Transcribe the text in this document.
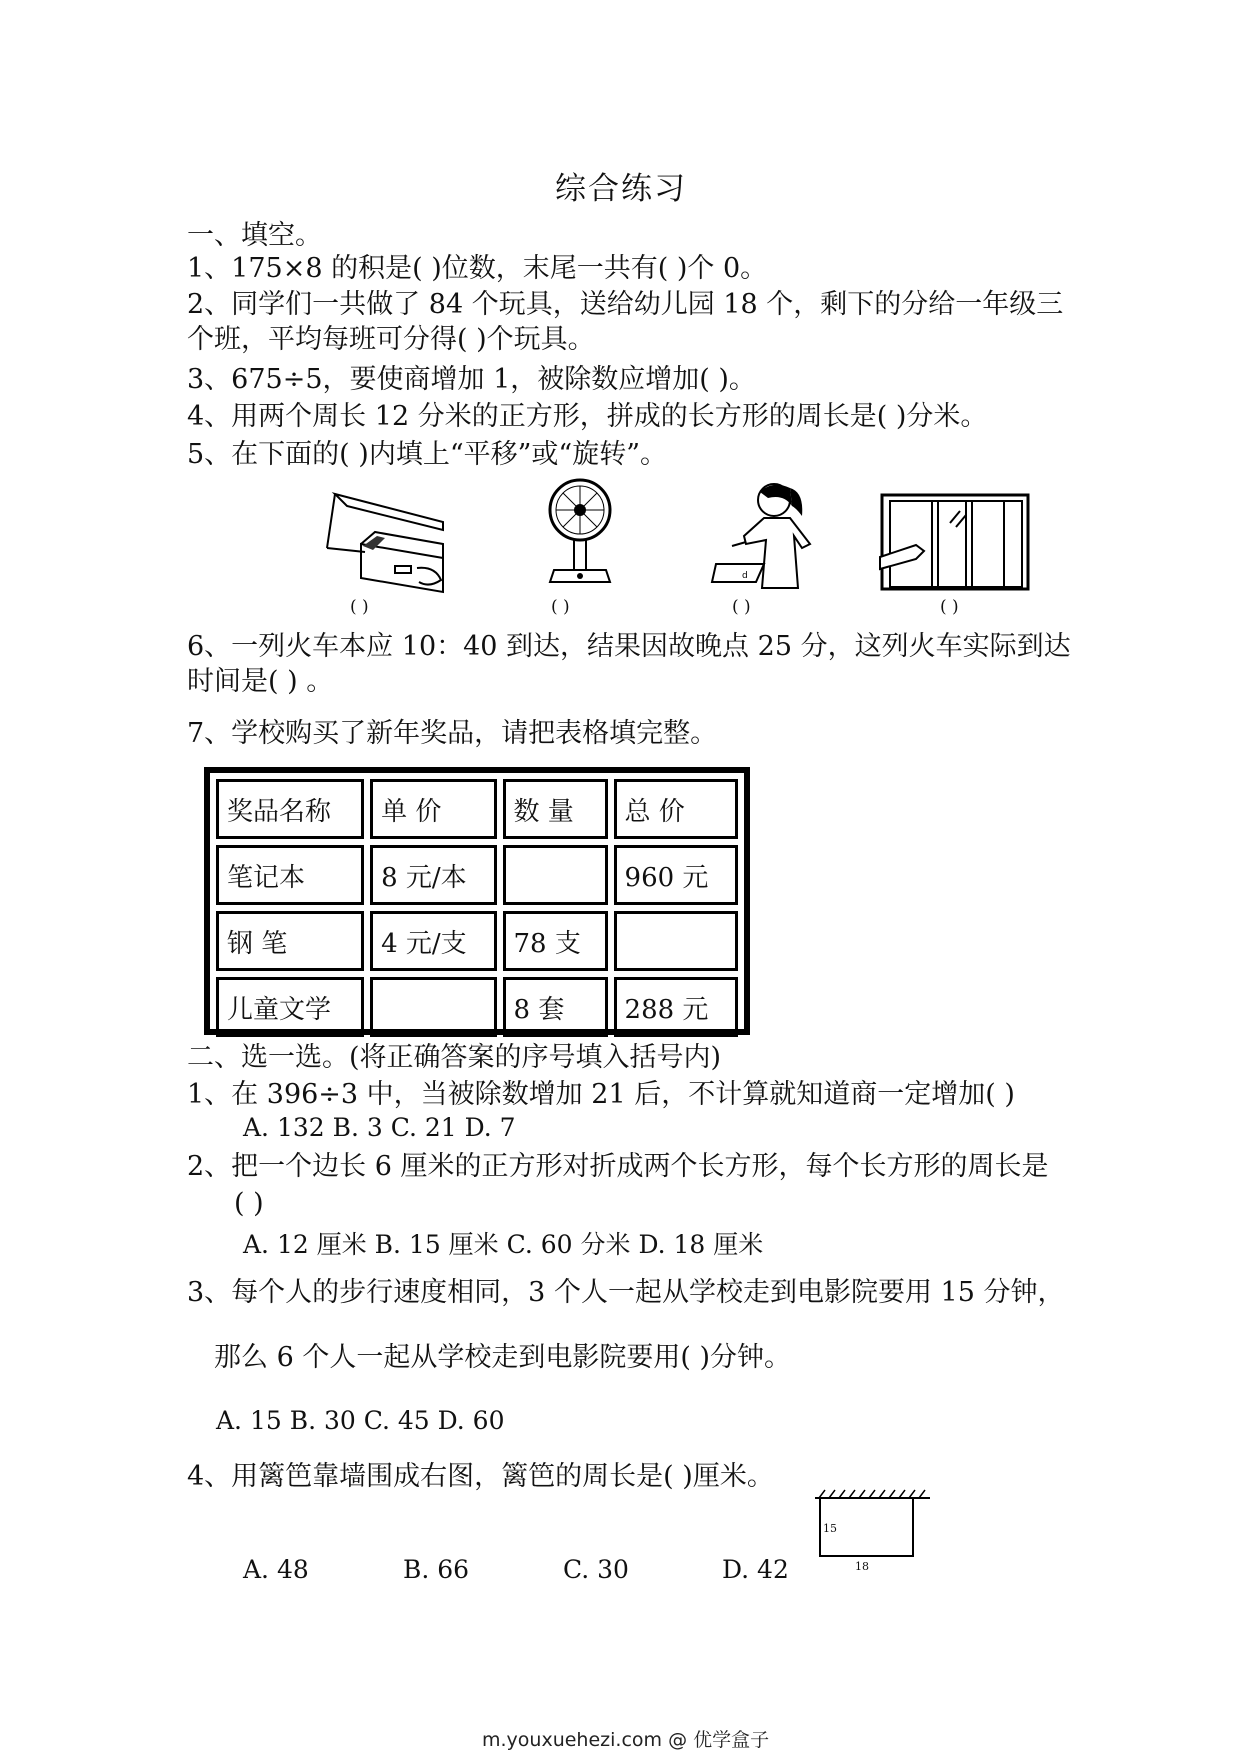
综合练习
一、填空。
1、175×8 的积是( )位数，末尾一共有( )个 0。
2、同学们一共做了 84 个玩具，送给幼儿园 18 个，剩下的分给一年级三
个班，平均每班可分得( )个玩具。
3、675÷5，要使商增加 1，被除数应增加( )。
4、用两个周长 12 分米的正方形，拼成的长方形的周长是( )分米。
5、在下面的( )内填上“平移”或“旋转”。
d
( )	( )	( )	( )
6、一列火车本应 10：40 到达，结果因故晚点 25 分，这列火车实际到达
时间是( ) 。
7、学校购买了新年奖品，请把表格填完整。
奖品名称	单 价	数 量	总 价
笔记本	8 元/本		960 元
钢 笔	4 元/支	78 支	
儿童文学		8 套	288 元
二、选一选。(将正确答案的序号填入括号内)
1、在 396÷3 中，当被除数增加 21 后，不计算就知道商一定增加( )
A. 132 B. 3 C. 21 D. 7
2、把一个边长 6 厘米的正方形对折成两个长方形，每个长方形的周长是
( )
A. 12 厘米 B. 15 厘米 C. 60 分米 D. 18 厘米
3、每个人的步行速度相同，3 个人一起从学校走到电影院要用 15 分钟，
那么 6 个人一起从学校走到电影院要用( )分钟。
A. 15 B. 30 C. 45 D. 60
4、用篱笆靠墙围成右图，篱笆的周长是( )厘米。
A. 48	B. 66	C. 30	D. 42
15
18
m.youxuehezi.com @ 优学盒子
